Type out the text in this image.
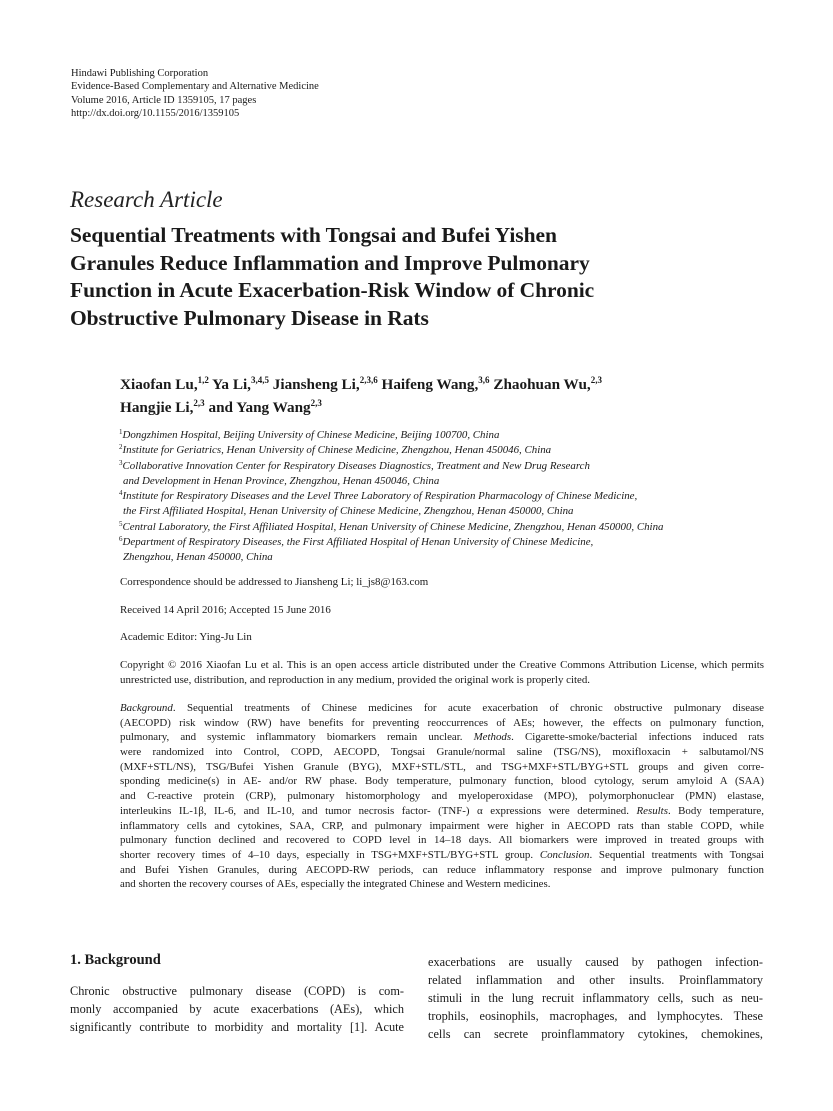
Hindawi Publishing Corporation
Evidence-Based Complementary and Alternative Medicine
Volume 2016, Article ID 1359105, 17 pages
http://dx.doi.org/10.1155/2016/1359105
Research Article
Sequential Treatments with Tongsai and Bufei Yishen
Granules Reduce Inflammation and Improve Pulmonary
Function in Acute Exacerbation-Risk Window of Chronic
Obstructive Pulmonary Disease in Rats
Xiaofan Lu,$^{1,2}$ Ya Li,$^{3,4,5}$ Jiansheng Li,$^{2,3,6}$ Haifeng Wang,$^{3,6}$ Zhaohuan Wu,$^{2,3}$
Hangjie Li,$^{2,3}$ and Yang Wang$^{2,3}$
$^1$Dongzhimen Hospital, Beijing University of Chinese Medicine, Beijing 100700, China
$^2$Institute for Geriatrics, Henan University of Chinese Medicine, Zhengzhou, Henan 450046, China
$^3$Collaborative Innovation Center for Respiratory Diseases Diagnostics, Treatment and New Drug Research
and Development in Henan Province, Zhengzhou, Henan 450046, China
$^4$Institute for Respiratory Diseases and the Level Three Laboratory of Respiration Pharmacology of Chinese Medicine,
the First Affiliated Hospital, Henan University of Chinese Medicine, Zhengzhou, Henan 450000, China
$^5$Central Laboratory, the First Affiliated Hospital, Henan University of Chinese Medicine, Zhengzhou, Henan 450000, China
$^6$Department of Respiratory Diseases, the First Affiliated Hospital of Henan University of Chinese Medicine,
Zhengzhou, Henan 450000, China
Correspondence should be addressed to Jiansheng Li; li_js8@163.com
Received 14 April 2016; Accepted 15 June 2016
Academic Editor: Ying-Ju Lin
Copyright © 2016 Xiaofan Lu et al. This is an open access article distributed under the Creative Commons Attribution License, which permits unrestricted use, distribution, and reproduction in any medium, provided the original work is properly cited.
Background. Sequential treatments of Chinese medicines for acute exacerbation of chronic obstructive pulmonary disease
(AECOPD) risk window (RW) have benefits for preventing reoccurrences of AEs; however, the effects on pulmonary function,
pulmonary, and systemic inflammatory biomarkers remain unclear. Methods. Cigarette-smoke/bacterial infections induced rats
were randomized into Control, COPD, AECOPD, Tongsai Granule/normal saline (TSG/NS), moxifloxacin + salbutamol/NS
(MXF+STL/NS), TSG/Bufei Yishen Granule (BYG), MXF+STL/STL, and TSG+MXF+STL/BYG+STL groups and given corre-
sponding medicine(s) in AE- and/or RW phase. Body temperature, pulmonary function, blood cytology, serum amyloid A (SAA)
and C-reactive protein (CRP), pulmonary histomorphology and myeloperoxidase (MPO), polymorphonuclear (PMN) elastase,
interleukins IL-1β, IL-6, and IL-10, and tumor necrosis factor- (TNF-) α expressions were determined. Results. Body temperature,
inflammatory cells and cytokines, SAA, CRP, and pulmonary impairment were higher in AECOPD rats than stable COPD, while
pulmonary function declined and recovered to COPD level in 14–18 days. All biomarkers were improved in treated groups with
shorter recovery times of 4–10 days, especially in TSG+MXF+STL/BYG+STL group. Conclusion. Sequential treatments with Tongsai
and Bufei Yishen Granules, during AECOPD-RW periods, can reduce inflammatory response and improve pulmonary function
and shorten the recovery courses of AEs, especially the integrated Chinese and Western medicines.
1. Background
Chronic obstructive pulmonary disease (COPD) is com-
monly accompanied by acute exacerbations (AEs), which
significantly contribute to morbidity and mortality [1]. Acute
exacerbations are usually caused by pathogen infection-
related inflammation and other insults. Proinflammatory
stimuli in the lung recruit inflammatory cells, such as neu-
trophils, eosinophils, macrophages, and lymphocytes. These
cells can secrete proinflammatory cytokines, chemokines,
